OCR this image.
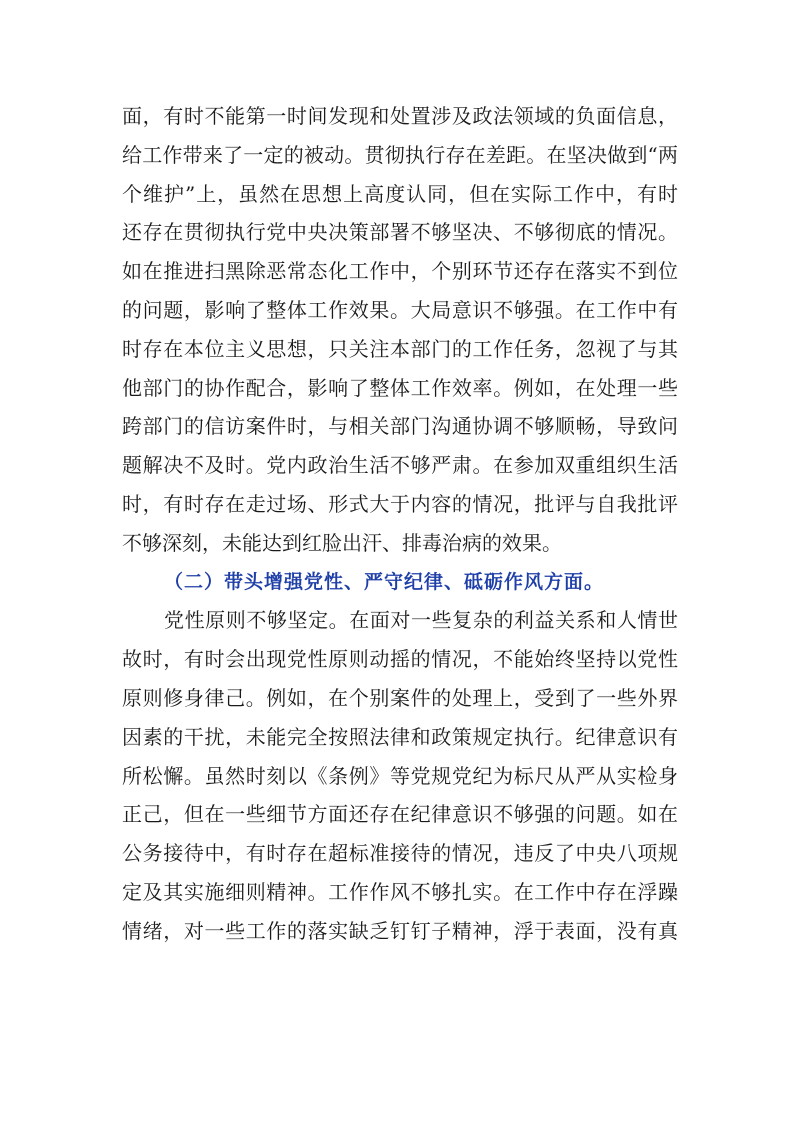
面，有时不能第一时间发现和处置涉及政法领域的负面信息，
给工作带来了一定的被动。贯彻执行存在差距。在坚决做到“两
个维护”上，虽然在思想上高度认同，但在实际工作中，有时
还存在贯彻执行党中央决策部署不够坚决、不够彻底的情况。
如在推进扫黑除恶常态化工作中，个别环节还存在落实不到位
的问题，影响了整体工作效果。大局意识不够强。在工作中有
时存在本位主义思想，只关注本部门的工作任务，忽视了与其
他部门的协作配合，影响了整体工作效率。例如，在处理一些
跨部门的信访案件时，与相关部门沟通协调不够顺畅，导致问
题解决不及时。党内政治生活不够严肃。在参加双重组织生活
时，有时存在走过场、形式大于内容的情况，批评与自我批评
不够深刻，未能达到红脸出汗、排毒治病的效果。
（二）带头增强党性、严守纪律、砥砺作风方面。
党性原则不够坚定。在面对一些复杂的利益关系和人情世
故时，有时会出现党性原则动摇的情况，不能始终坚持以党性
原则修身律己。例如，在个别案件的处理上，受到了一些外界
因素的干扰，未能完全按照法律和政策规定执行。纪律意识有
所松懈。虽然时刻以《条例》等党规党纪为标尺从严从实检身
正己，但在一些细节方面还存在纪律意识不够强的问题。如在
公务接待中，有时存在超标准接待的情况，违反了中央八项规
定及其实施细则精神。工作作风不够扎实。在工作中存在浮躁
情绪，对一些工作的落实缺乏钉钉子精神，浮于表面，没有真
